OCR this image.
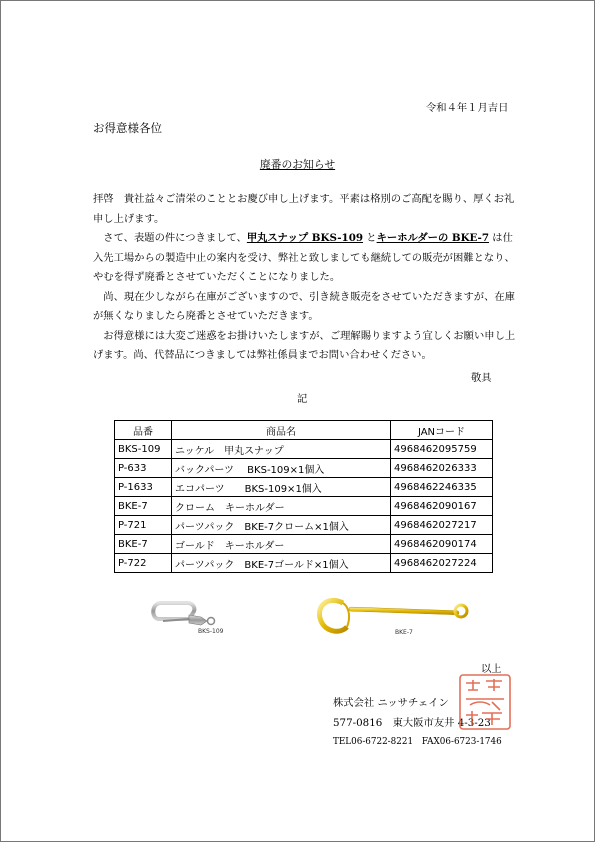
令和４年１月吉日
お得意様各位
廃番のお知らせ

拝啓　貴社益々ご清栄のこととお慶び申し上げます。平素は格別のご高配を賜り、厚くお礼申し上げます。

　さて、表題の件につきまして、甲丸スナップ BKS-109 とキーホルダーの BKE-7 は仕入先工場からの製造中止の案内を受け、弊社と致しましても継続しての販売が困難となり、やむを得ず廃番とさせていただくことになりました。

　尚、現在少しながら在庫がございますので、引き続き販売をさせていただきますが、在庫が無くなりましたら廃番とさせていただきます。

　お得意様には大変ご迷惑をお掛けいたしますが、ご理解賜りますよう宜しくお願い申し上げます。尚、代替品につきましては弊社係員までお問い合わせください。

敬具
記
品番	商品名	JANコード
BKS-109	ニッケル　甲丸スナップ	4968462095759
P-633	バックパーツ　 BKS-109×1個入	4968462026333
P-1633	エコパーツ　　BKS-109×1個入	4968462246335
BKE-7	クローム　キーホルダー	4968462090167
P-721	パーツパック　BKE-7クローム×1個入	4968462027217
BKE-7	ゴールド　キーホルダー	4968462090174
P-722	パーツパック　BKE-7ゴールド×1個入	4968462027224
BKS-109	BKE-7
以上
株式会社 ニッサチェイン
577-0816　東大阪市友井 4-3-23
TEL06-6722-8221　FAX06-6723-1746
